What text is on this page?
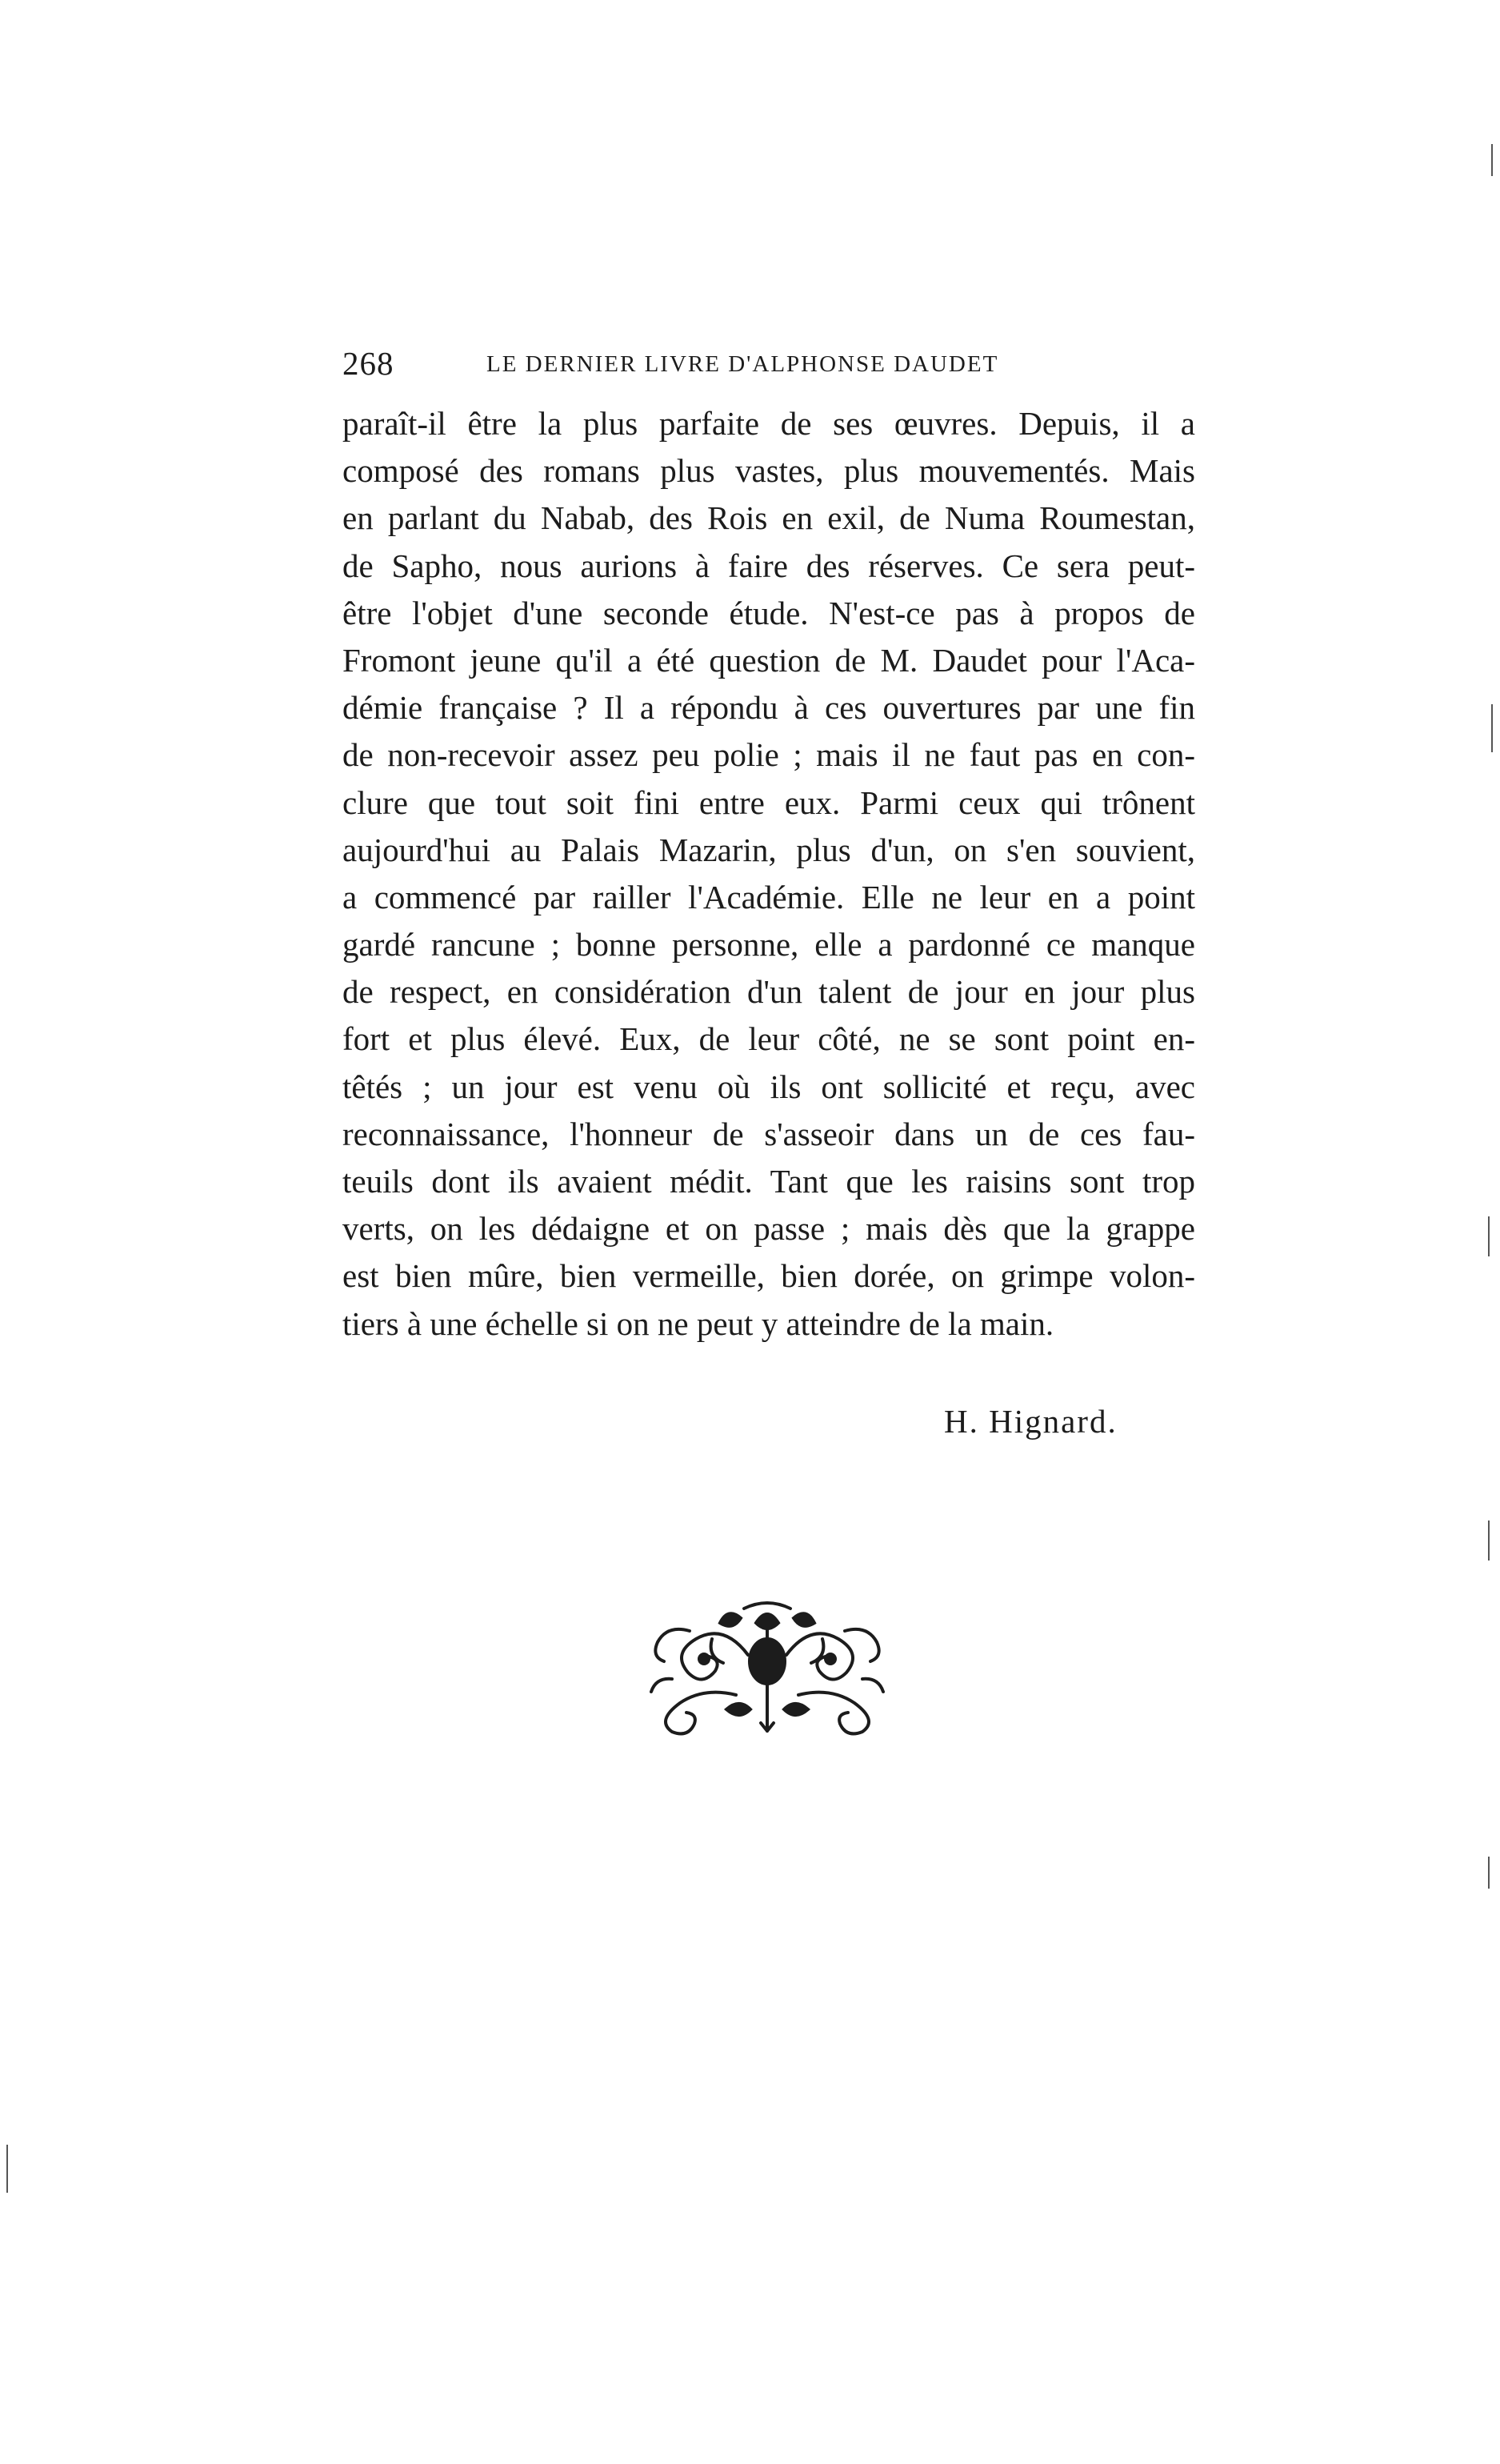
268	LE DERNIER LIVRE D'ALPHONSE DAUDET
paraît-il être la plus parfaite de ses œuvres. Depuis, il a
composé des romans plus vastes, plus mouvementés. Mais
en parlant du Nabab, des Rois en exil, de Numa Roumestan,
de Sapho, nous aurions à faire des réserves. Ce sera peut-
être l'objet d'une seconde étude. N'est-ce pas à propos de
Fromont jeune qu'il a été question de M. Daudet pour l'Aca-
démie française ? Il a répondu à ces ouvertures par une fin
de non-recevoir assez peu polie ; mais il ne faut pas en con-
clure que tout soit fini entre eux. Parmi ceux qui trônent
aujourd'hui au Palais Mazarin, plus d'un, on s'en souvient,
a commencé par railler l'Académie. Elle ne leur en a point
gardé rancune ; bonne personne, elle a pardonné ce manque
de respect, en considération d'un talent de jour en jour plus
fort et plus élevé. Eux, de leur côté, ne se sont point en-
têtés ; un jour est venu où ils ont sollicité et reçu, avec
reconnaissance, l'honneur de s'asseoir dans un de ces fau-
teuils dont ils avaient médit. Tant que les raisins sont trop
verts, on les dédaigne et on passe ; mais dès que la grappe
est bien mûre, bien vermeille, bien dorée, on grimpe volon-
tiers à une échelle si on ne peut y atteindre de la main.
H. Hignard.
